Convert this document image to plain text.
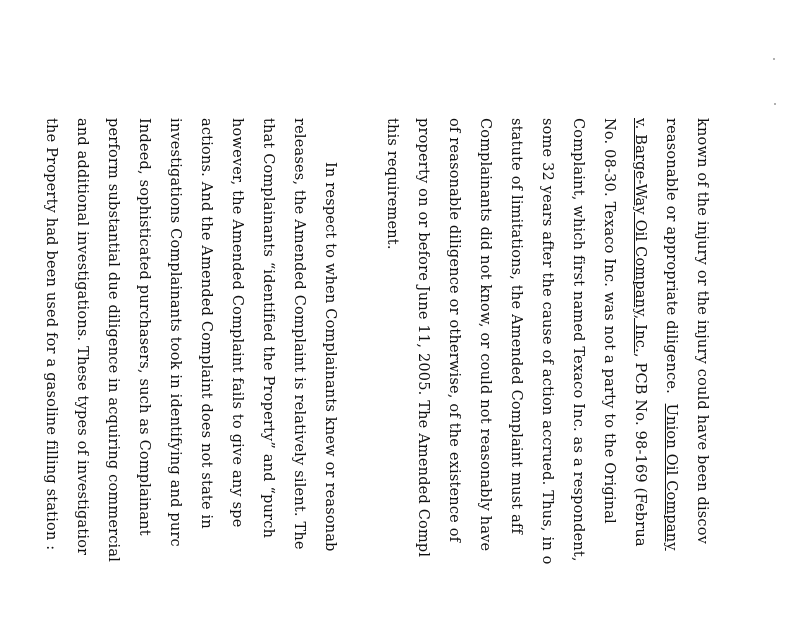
known of the injury or the injury could have been discov
reasonable or appropriate diligence.  Union Oil Company
v. Barge-Way Oil Company, Inc., PCB No. 98-169 (Februa
No. 08-30. Texaco Inc. was not a party to the Original
Complaint, which first named Texaco Inc. as a respondent,
some 32 years after the cause of action accrued. Thus, in o
statute of limitations, the Amended Complaint must aff
Complainants did not know, or could not reasonably have
of reasonable diligence or otherwise, of the existence of
property on or before June 11, 2005. The Amended Compl
this requirement.
In respect to when Complainants knew or reasonab
releases, the Amended Complaint is relatively silent. The
that Complainants “identified the Property” and “purch
however, the Amended Complaint fails to give any spe
actions. And the Amended Complaint does not state in
investigations Complainants took in identifying and purc
Indeed, sophisticated purchasers, such as Complainant
perform substantial due diligence in acquiring commercial
and additional investigations. These types of investigatior
the Property had been used for a gasoline filling station :
